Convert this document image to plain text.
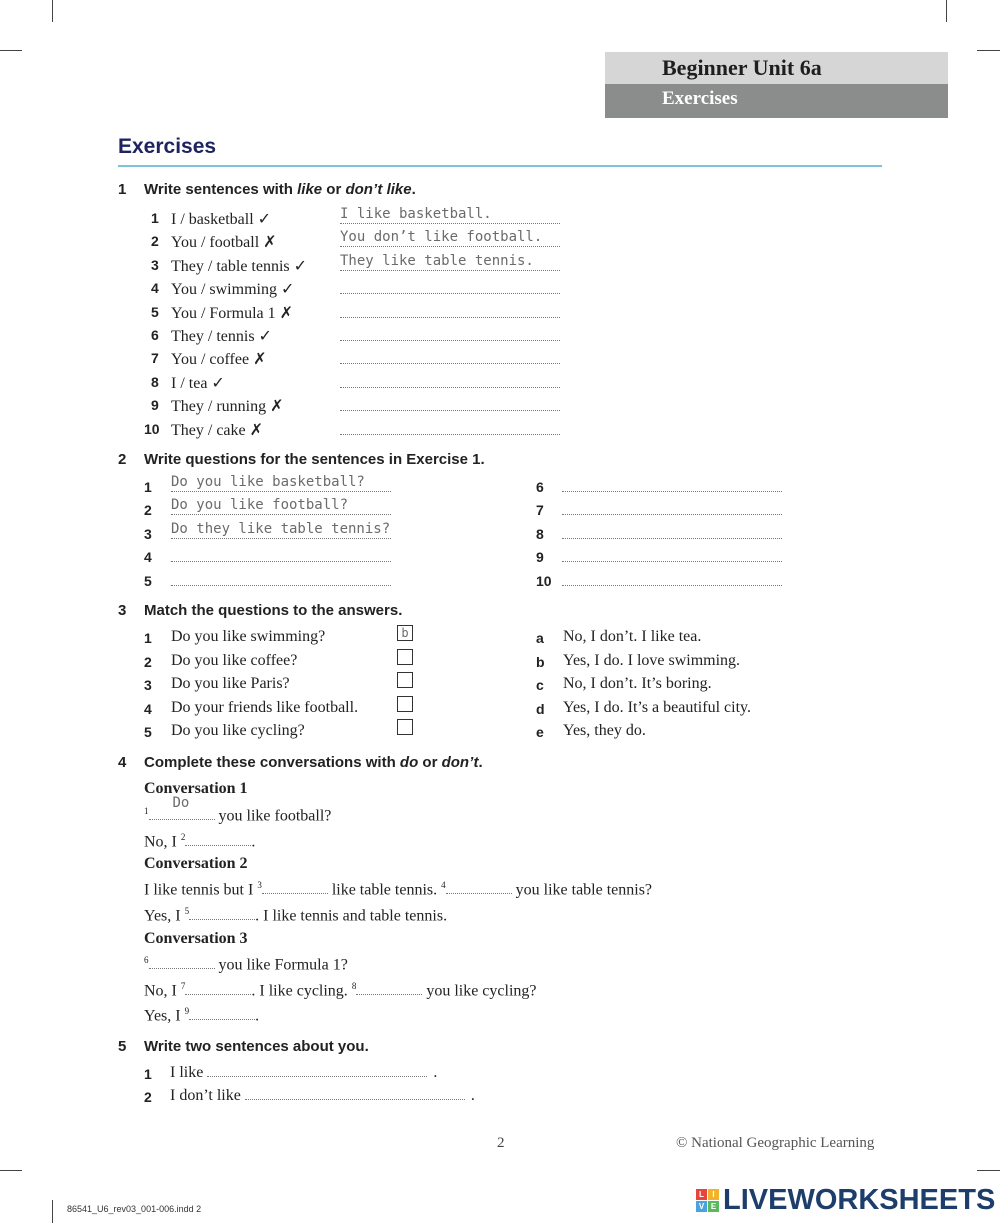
Beginner Unit 6a
Exercises
Exercises
1 Write sentences with like or don’t like.
1 I / basketball ✓	I like basketball.
2 You / football ✗	You don’t like football.
3 They / table tennis ✓ They like table tennis.
4 You / swimming ✓
5 You / Formula 1 ✗
6 They / tennis ✓
7 You / coffee ✗
8 I / tea ✓
9 They / running ✗
10 They / cake ✗
2 Write questions for the sentences in Exercise 1.
1 Do you like basketball?
2 Do you like football?
3 Do they like table tennis?
4
5
6
7
8
9
10
3 Match the questions to the answers.
1 Do you like swimming?	b
2 Do you like coffee?
3 Do you like Paris?
4 Do your friends like football.
5 Do you like cycling?
a No, I don’t. I like tea.
b Yes, I do. I love swimming.
c No, I don’t. It’s boring.
d Yes, I do. It’s a beautiful city.
e Yes, they do.
4 Complete these conversations with do or don’t.
Conversation 1
$^1$ Do
you like football?
No, I $^2$	.
Conversation 2
I like tennis but I $^3$	like table tennis. $^4$	you like table tennis?
Yes, I $^5$	. I like tennis and table tennis.
Conversation 3
$^6$	you like Formula 1?
No, I $^7$	. I like cycling. $^8$	you like cycling?
Yes, I $^9$	.
5 Write two sentences about you.
1 I like	.
2 I don’t like	.
2	© National Geographic Learning
86541_U6_rev03_001-006.indd 2
L	I
V E LIVEWORKSHEETS
